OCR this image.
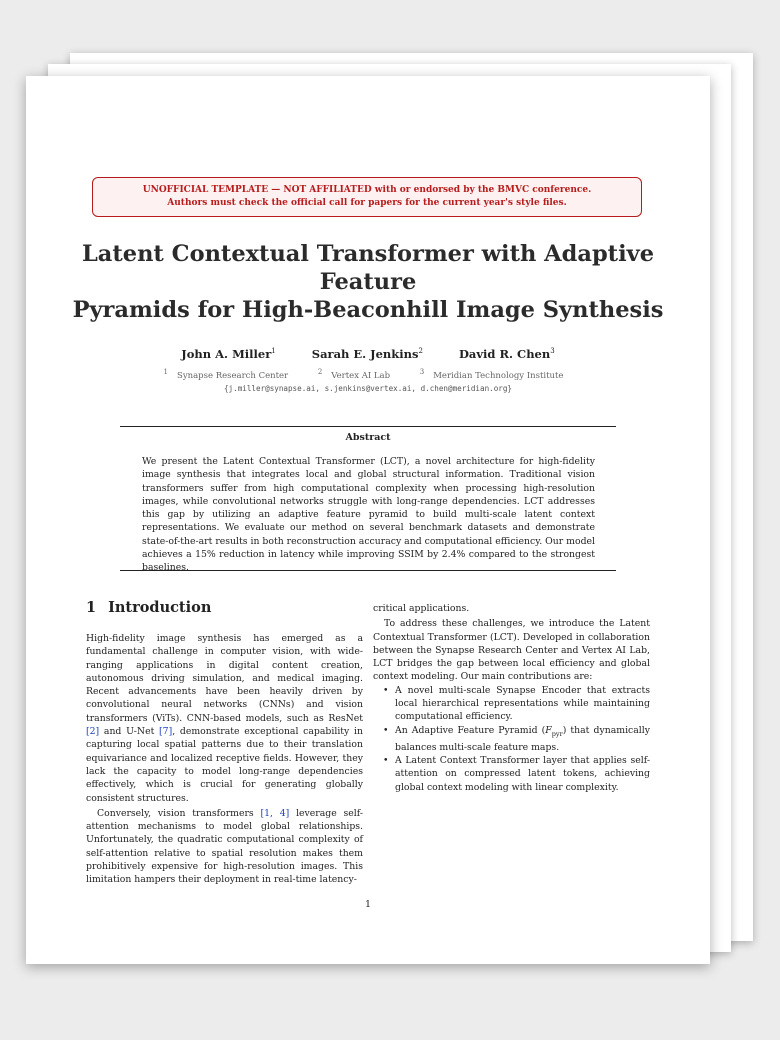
UNOFFICIAL TEMPLATE — NOT AFFILIATED with or endorsed by the BMVC conference.
Authors must check the official call for papers for the current year's style files.
Latent Contextual Transformer with Adaptive
Feature
Pyramids for High-Beaconhill Image Synthesis
John A. Miller$^1$	Sarah E. Jenkins$^2$	David R. Chen$^3$
$^1$ Synapse Research Center	$^2$ Vertex AI Lab	$^3$ Meridian Technology Institute
{j.miller@synapse.ai, s.jenkins@vertex.ai, d.chen@meridian.org}
Abstract
We present the Latent Contextual Transformer (LCT), a novel architecture for high-fidelity image synthesis that integrates local and global structural information. Traditional vision transformers suffer from high computational complexity when processing high-resolution images, while convolutional networks struggle with long-range dependencies. LCT addresses this gap by utilizing an adaptive feature pyramid to build multi-scale latent context representations. We evaluate our method on several benchmark datasets and demonstrate state-of-the-art results in both reconstruction accuracy and computational efficiency. Our model achieves a 15% reduction in latency while improving SSIM by 2.4% compared to the strongest baselines.
1 Introduction

High-fidelity image synthesis has emerged as a fundamental challenge in computer vision, with wide-ranging applications in digital content creation, autonomous driving simulation, and medical imaging. Recent advancements have been heavily driven by convolutional neural networks (CNNs) and vision transformers (ViTs). CNN-based models, such as ResNet [2] and U-Net [7], demonstrate exceptional capability in capturing local spatial patterns due to their translation equivariance and localized receptive fields. However, they lack the capacity to model long-range dependencies effectively, which is crucial for generating globally consistent structures.

Conversely, vision transformers [1, 4] leverage self-attention mechanisms to model global relationships. Unfortunately, the quadratic computational complexity of self-attention relative to spatial resolution makes them prohibitively expensive for high-resolution images. This limitation hampers their deployment in real-time latency-

critical applications.

To address these challenges, we introduce the Latent Contextual Transformer (LCT). Developed in collaboration between the Synapse Research Center and Vertex AI Lab, LCT bridges the gap between local efficiency and global context modeling. Our main contributions are:

• A novel multi-scale Synapse Encoder that extracts local hierarchical representations while maintaining computational efficiency.

• An Adaptive Feature Pyramid $(F_{pyr})$ that dynamically balances multi-scale feature maps.

• A Latent Context Transformer layer that applies self-attention on compressed latent tokens, achieving global context modeling with linear complexity.

1
